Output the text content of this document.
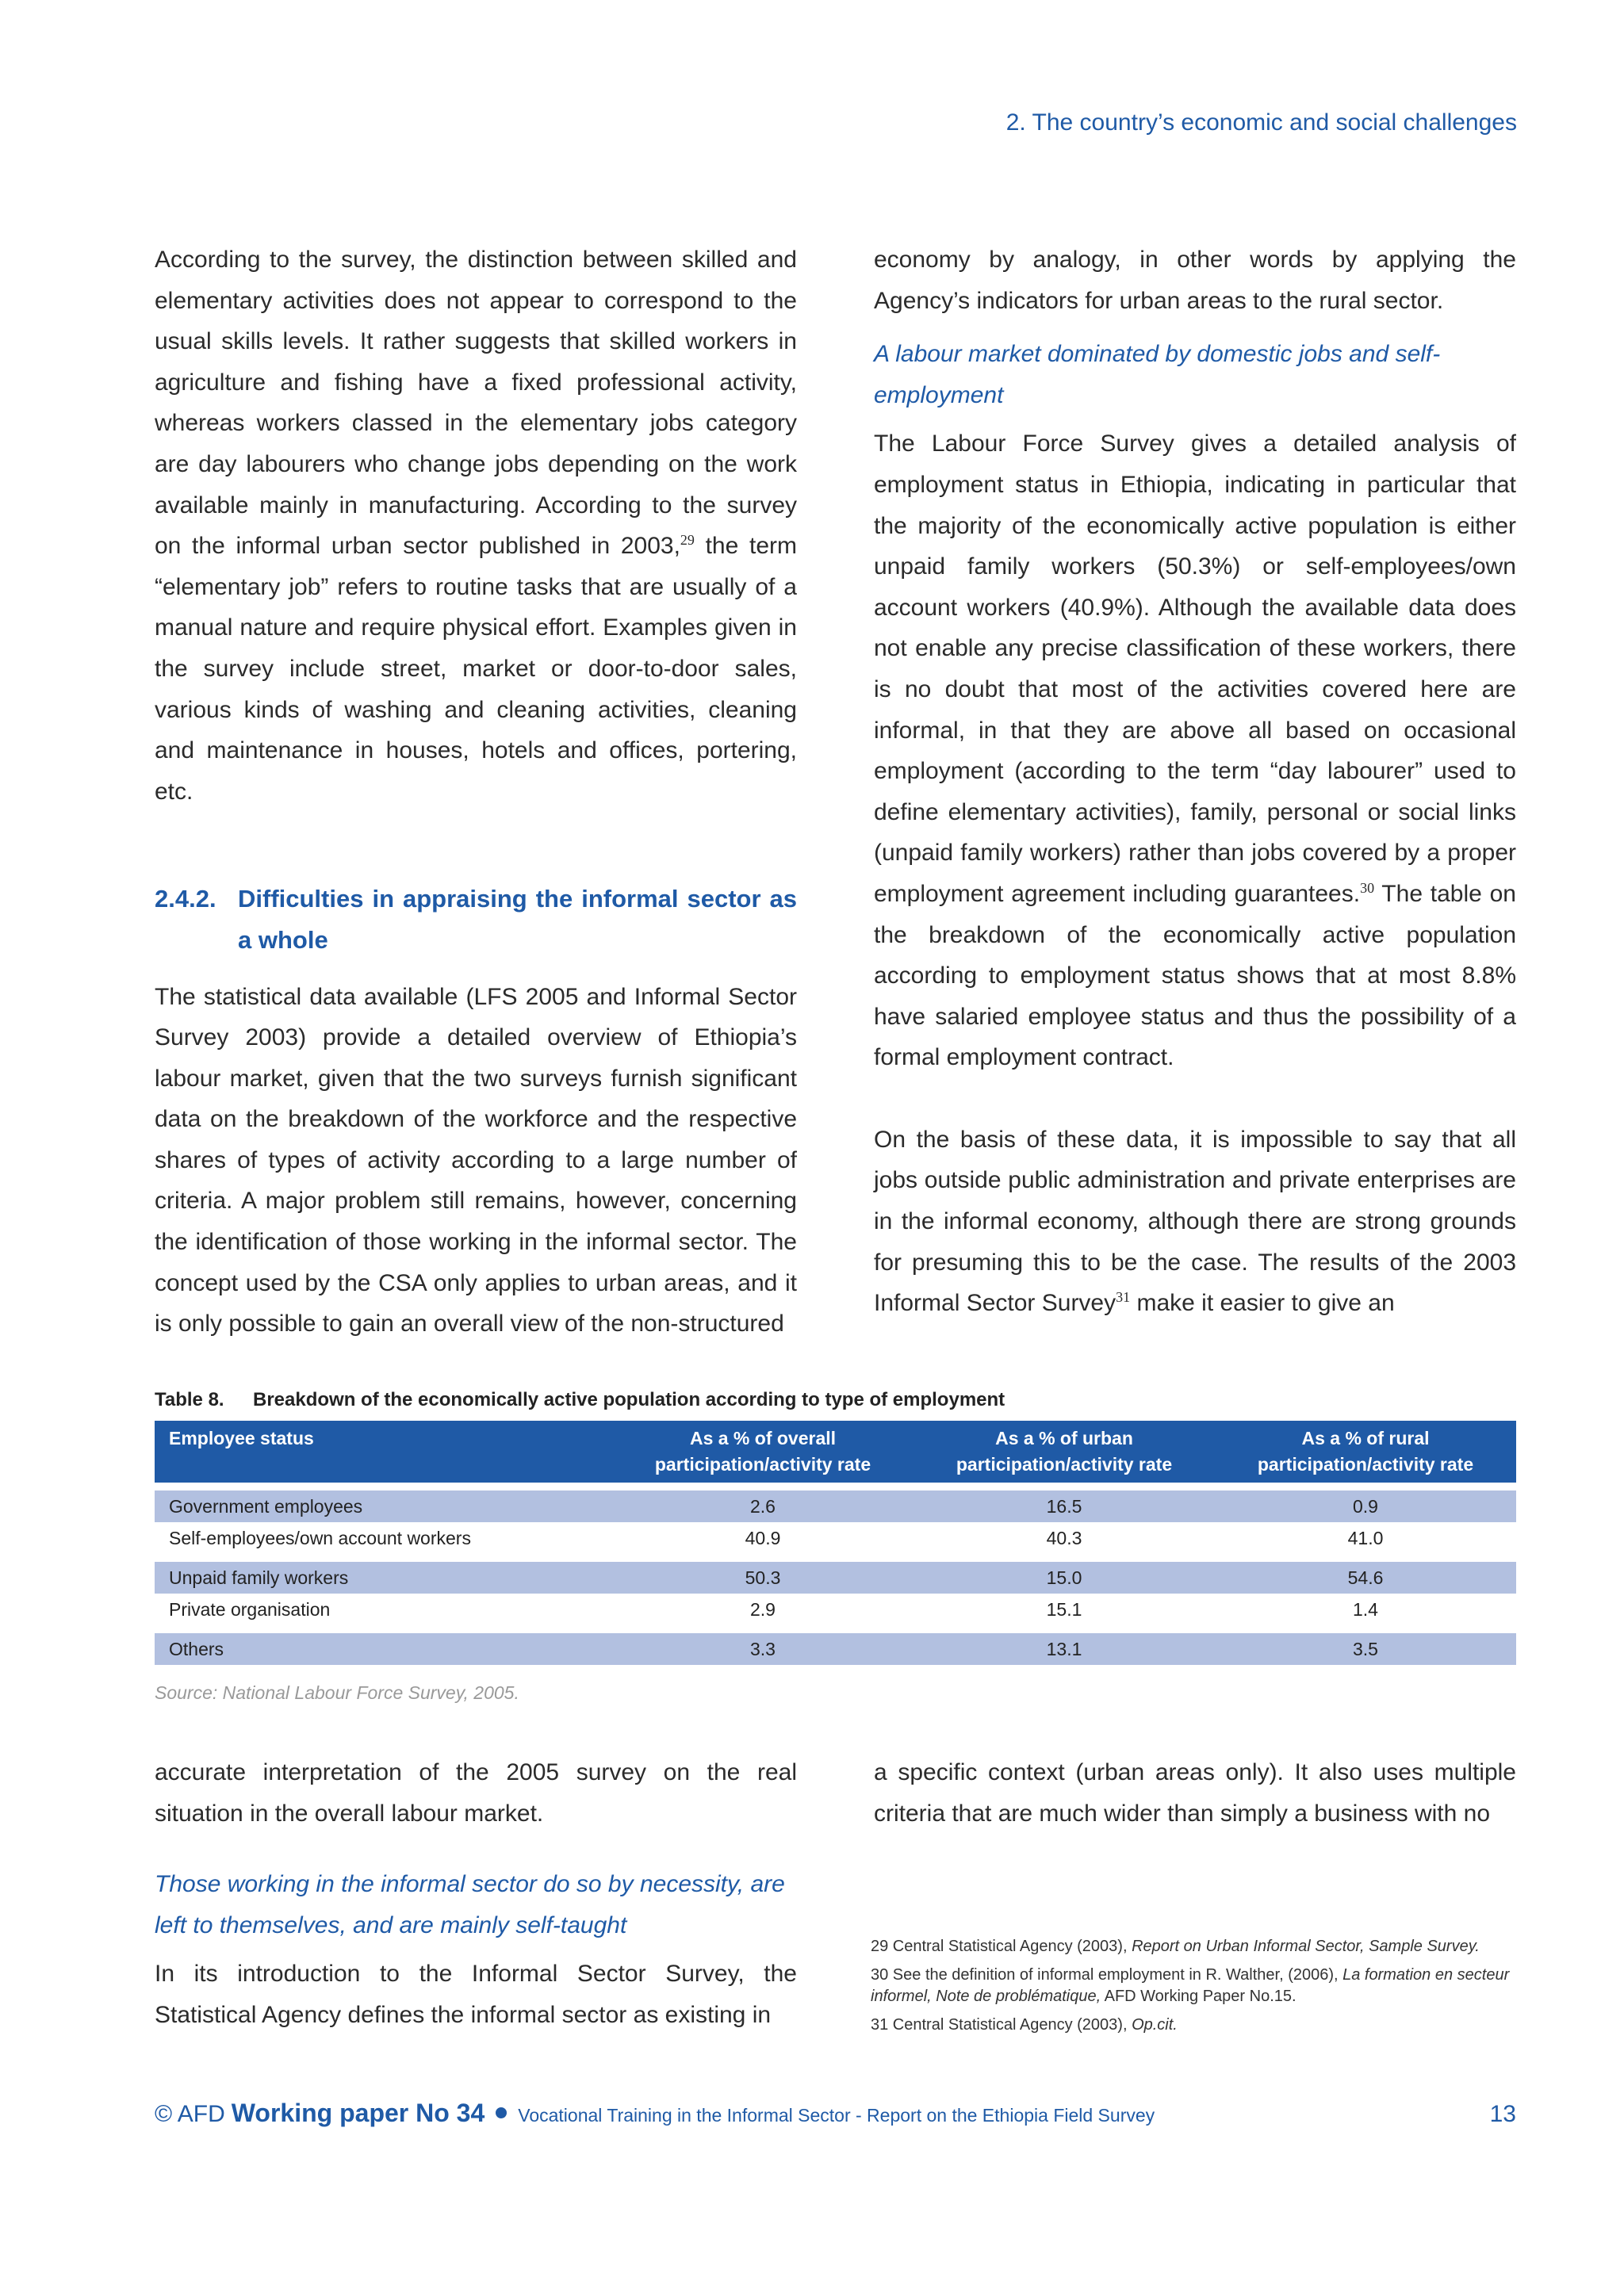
2. The country’s economic and social challenges

According to the survey, the distinction between skilled and elementary activities does not appear to correspond to the usual skills levels. It rather suggests that skilled workers in agriculture and fishing have a fixed professional activity, whereas workers classed in the elementary jobs category are day labourers who change jobs depending on the work available mainly in manufacturing. According to the survey on the informal urban sector published in 2003,29 the term “elementary job” refers to routine tasks that are usually of a manual nature and require physical effort. Examples given in the survey include street, market or door-to-door sales, various kinds of washing and cleaning activities, cleaning and maintenance in houses, hotels and offices, portering, etc.

2.4.2. Difficulties in appraising the informal sector as a whole

The statistical data available (LFS 2005 and Informal Sector Survey 2003) provide a detailed overview of Ethiopia’s labour market, given that the two surveys furnish significant data on the breakdown of the workforce and the respective shares of types of activity according to a large number of criteria. A major problem still remains, however, concerning the identification of those working in the informal sector. The concept used by the CSA only applies to urban areas, and it is only possible to gain an overall view of the non-structured

economy by analogy, in other words by applying the Agency’s indicators for urban areas to the rural sector.

A labour market dominated by domestic jobs and self-employment

The Labour Force Survey gives a detailed analysis of employment status in Ethiopia, indicating in particular that the majority of the economically active population is either unpaid family workers (50.3%) or self-employees/own account workers (40.9%). Although the available data does not enable any precise classification of these workers, there is no doubt that most of the activities covered here are informal, in that they are above all based on occasional employment (according to the term “day labourer” used to define elementary activities), family, personal or social links (unpaid family workers) rather than jobs covered by a proper employment agreement including guarantees.$^{30}$ The table on the breakdown of the economically active population according to employment status shows that at most 8.8% have salaried employee status and thus the possibility of a formal employment contract.

On the basis of these data, it is impossible to say that all jobs outside public administration and private enterprises are in the informal economy, although there are strong grounds for presuming this to be the case. The results of the 2003 Informal Sector Survey$^{31}$ make it easier to give an

Table 8.	Breakdown of the economically active population according to type of employment
Employee status	As a % of overall participation/activity rate	As a % of urban participation/activity rate	As a % of rural participation/activity rate

Government employees	2.6	16.5	0.9
Self-employees/own account workers	40.9	40.3	41.0

Unpaid family workers	50.3	15.0	54.6
Private organisation	2.9	15.1	1.4

Others	3.3	13.1	3.5
Source: National Labour Force Survey, 2005.

accurate interpretation of the 2005 survey on the real situation in the overall labour market.

Those working in the informal sector do so by necessity, are left to themselves, and are mainly self-taught

In its introduction to the Informal Sector Survey, the Statistical Agency defines the informal sector as existing in

a specific context (urban areas only). It also uses multiple criteria that are much wider than simply a business with no

29 Central Statistical Agency (2003), Report on Urban Informal Sector, Sample Survey.
30 See the definition of informal employment in R. Walther, (2006), La formation en secteur informel, Note de problématique, AFD Working Paper No.15.
31 Central Statistical Agency (2003), Op.cit.
© AFD Working paper No 34 Vocational Training in the Informal Sector - Report on the Ethiopia Field Survey	13
